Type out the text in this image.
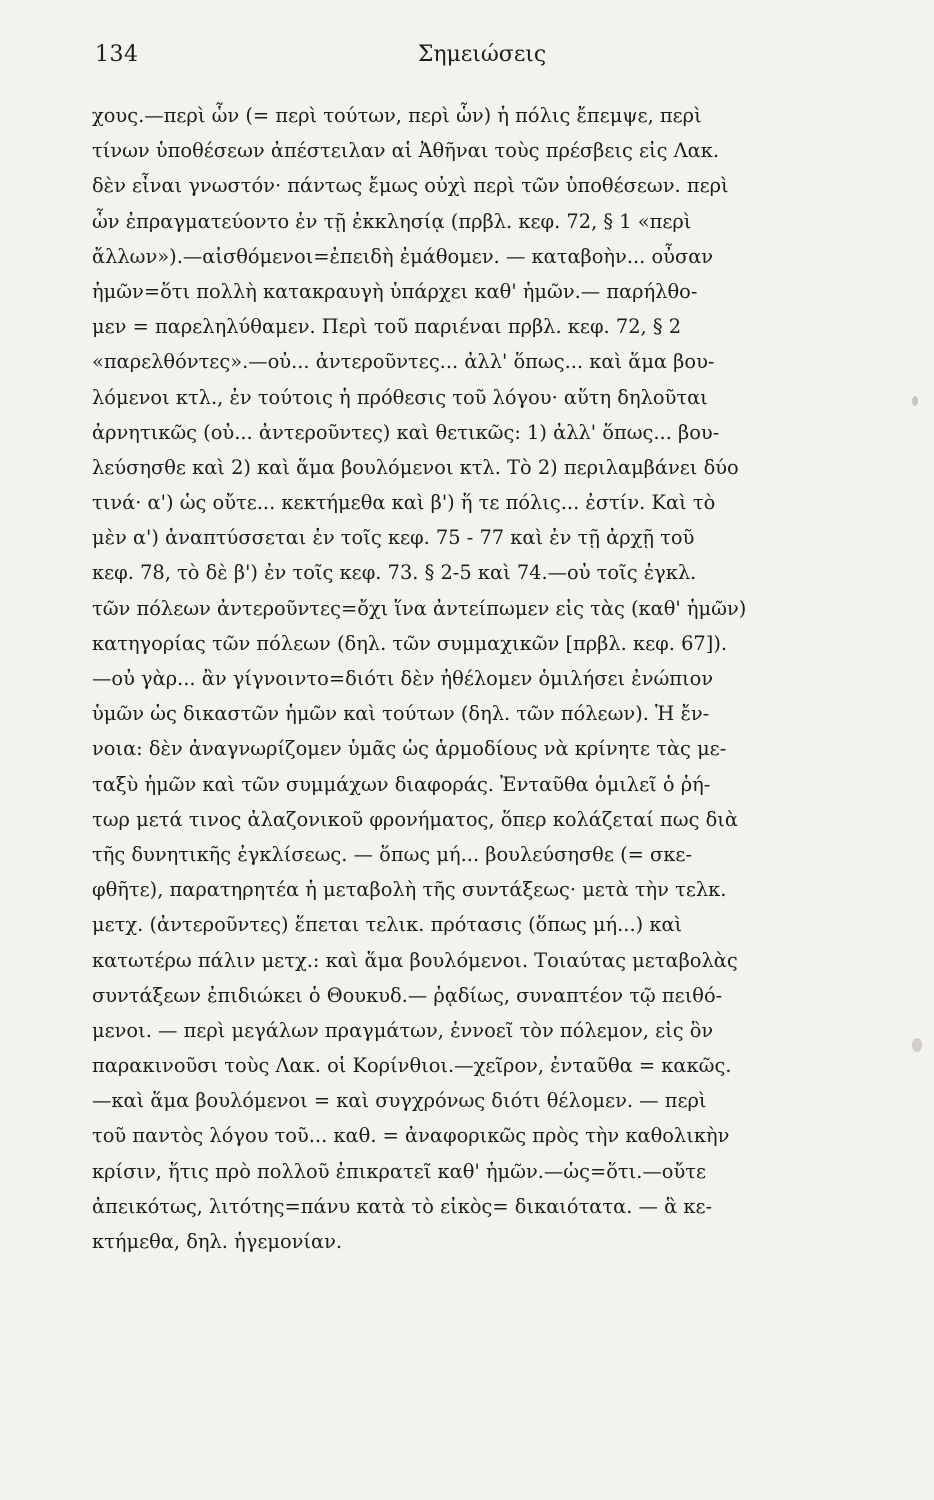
134	Σημειώσεις
χους.—περὶ ὧν (= περὶ τούτων, περὶ ὧν) ἡ πόλις ἔπεμψε, περὶ
τίνων ὑποθέσεων ἀπέστειλαν αἱ Ἀθῆναι τοὺς πρέσβεις εἰς Λακ.
δὲν εἶναι γνωστόν· πάντως ἔμως οὐχὶ περὶ τῶν ὑποθέσεων. περὶ
ὧν ἐπραγματεύοντο ἐν τῇ ἐκκλησίᾳ (πρβλ. κεφ. 72, § 1 «περὶ
ἄλλων»).—αἰσθόμενοι=ἐπειδὴ ἐμάθομεν. — καταβοὴν... οὖσαν
ἡμῶν=ὅτι πολλὴ κατακραυγὴ ὑπάρχει καθ' ἡμῶν.— παρήλθο-
μεν = παρεληλύθαμεν. Περὶ τοῦ παριέναι πρβλ. κεφ. 72, § 2
«παρελθόντες».—οὐ... ἀντεροῦντες... ἀλλ' ὅπως... καὶ ἅμα βου-
λόμενοι κτλ., ἐν τούτοις ἡ πρόθεσις τοῦ λόγου· αὕτη δηλοῦται
ἀρνητικῶς (οὐ... ἀντεροῦντες) καὶ θετικῶς: 1) ἀλλ' ὅπως... βου-
λεύσησθε καὶ 2) καὶ ἅμα βουλόμενοι κτλ. Τὸ 2) περιλαμβάνει δύο
τινά· α') ὡς οὔτε... κεκτήμεθα καὶ β') ἥ τε πόλις... ἐστίν. Καὶ τὸ
μὲν α') ἀναπτύσσεται ἐν τοῖς κεφ. 75 - 77 καὶ ἐν τῇ ἀρχῇ τοῦ
κεφ. 78, τὸ δὲ β') ἐν τοῖς κεφ. 73. § 2-5 καὶ 74.—οὐ τοῖς ἐγκλ.
τῶν πόλεων ἀντεροῦντες=ὄχι ἵνα ἀντείπωμεν εἰς τὰς (καθ' ἡμῶν)
κατηγορίας τῶν πόλεων (δηλ. τῶν συμμαχικῶν [πρβλ. κεφ. 67]).
—οὐ γὰρ... ἂν γίγνοιντο=διότι δὲν ἠθέλομεν ὁμιλήσει ἐνώπιον
ὑμῶν ὡς δικαστῶν ἡμῶν καὶ τούτων (δηλ. τῶν πόλεων). Ἡ ἔν-
νοια: δὲν ἀναγνωρίζομεν ὑμᾶς ὡς ἁρμοδίους νὰ κρίνητε τὰς με-
ταξὺ ἡμῶν καὶ τῶν συμμάχων διαφοράς. Ἐνταῦθα ὁμιλεῖ ὁ ῥή-
τωρ μετά τινος ἀλαζονικοῦ φρονήματος, ὅπερ κολάζεταί πως διὰ
τῆς δυνητικῆς ἐγκλίσεως. — ὅπως μή... βουλεύσησθε (= σκε-
φθῆτε), παρατηρητέα ἡ μεταβολὴ τῆς συντάξεως· μετὰ τὴν τελκ.
μετχ. (ἀντεροῦντες) ἕπεται τελικ. πρότασις (ὅπως μή...) καὶ
κατωτέρω πάλιν μετχ.: καὶ ἅμα βουλόμενοι. Τοιαύτας μεταβολὰς
συντάξεων ἐπιδιώκει ὁ Θουκυδ.— ῥᾳδίως, συναπτέον τῷ πειθό-
μενοι. — περὶ μεγάλων πραγμάτων, ἐννοεῖ τὸν πόλεμον, εἰς ὃν
παρακινοῦσι τοὺς Λακ. οἱ Κορίνθιοι.—χεῖρον, ἐνταῦθα = κακῶς.
—καὶ ἅμα βουλόμενοι = καὶ συγχρόνως διότι θέλομεν. — περὶ
τοῦ παντὸς λόγου τοῦ... καθ. = ἀναφορικῶς πρὸς τὴν καθολικὴν
κρίσιν, ἥτις πρὸ πολλοῦ ἐπικρατεῖ καθ' ἡμῶν.—ὡς=ὅτι.—οὔτε
ἀπεικότως, λιτότης=πάνυ κατὰ τὸ εἰκὸς= δικαιότατα. — ἃ κε-
κτήμεθα, δηλ. ἡγεμονίαν.
